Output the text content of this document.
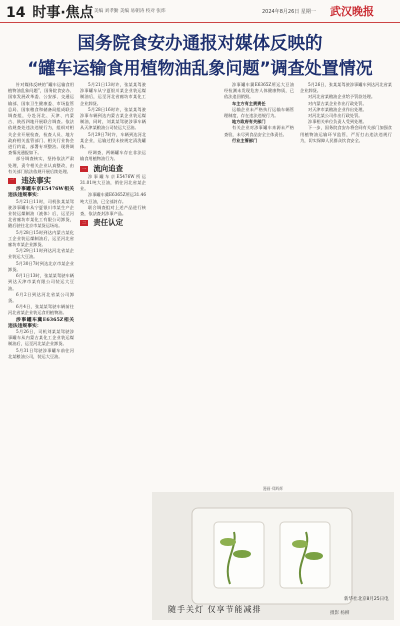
14 时事·焦点 美编 刘孝勤 美编 易朝涛 校对 张炜	2024年8月26日 星期一 武汉晚报
国务院食安办通报对媒体反映的
“罐车运输食用植物油乱象问题”调查处置情况

针对媒体反映的“罐车运输食用植物油乱象问题”，国务院食安办、国家发展改革委、公安部、交通运输部、国家卫生健康委、市场监管总局、国家粮食和储备局组成联合调查组，分赴河北、天津、内蒙古、陕西四地开展联合调查。依法依规查处违法违规行为，组织对相关企业开展检查，检查人员、地方政府相关监管部门、相关行业协会进行约谈、部署专项整治。现将调查情况通报如下。

部分调查核实，坚持依法严肃处理，责令相关企业认真整改，由有关部门依法依规开展后续处理。

一 违法事实

涉事罐车京E5476W相关违法违规事实：

5月21日11时，司机张某某驾驶涉事罐车从宁夏银川市某生产企业装运煤制油（液体）后，运至河北省廊坊市某化工有限公司卸货，随后驶往北京市某货运场站。

5月28日15时到达内蒙古某化工企业装运煤制油后，运至河北省廊坊市某企业卸货。

5月29日11时到达河北省某企业装运大豆油。

5月30日7时到达北京市某企业卸货。

6月1日13时，张某某驾驶车辆到达天津市某有限公司装运大豆油。

6月2日到达河北省某公司卸货。

6月4日，张某某驾驶车辆前往河北省某企业装运食用植物油。

涉事罐车冀E6365Z相关违法违规事实：

5月26日，司机刘某某驾驶涉事罐车从内蒙古某化工企业装运煤制油后，运至河北某企业卸货。

5月31日驾驶涉事罐车前往河北某粮油公司，装运大豆油。

5月21日13时许，张某某驾驶涉事罐车从宁夏银川某企业装运煤制油后，运至河北省廊坊市某化工企业卸货。

5月28日16时许，张某某驾驶涉事车辆到达内蒙古某企业装运煤制油，同时，刘某某驾驶涉事车辆从天津某粮油公司装运大豆油。

5月29日7时许，车辆到达河北某企业，运输过程未按规定清洗罐体。

经调查，两辆罐车存在非法运输食用植物油行为。

二 流向追查

涉事罐车京E5476W所运31.01吨大豆油，销往河北省某企业。

涉事罐车冀E6365Z所运31.46吨大豆油，已全部封存。

联合调查组对上述产品进行核查，依法查封涉事产品。

三 责任认定

涉事罐车冀E6365Z所运大豆油经检测未发现危害人体健康物质，已依法追回销毁。

车主方有主责责任

运输企业未严格执行运输车辆管理制度，存在违法违规行为。

地方政府有关部门

有关企业对涉事罐车来源未严格查验，未尽到食品安全主体责任。

行业主管部门

5月26日，张某某驾驶涉事罐车到达河北省某企业卸货。

对河北省某粮油企业给予罚款处理。

对内蒙古某企业作出行政处罚。

对天津市某粮油企业作出处理。

对河北某公司作出行政处罚。

涉事相关单位负责人受到处理。

下一步，国务院食安办将会同有关部门加强食用植物油运输环节监管，严厉打击违法违规行为，切实保障人民群众饮食安全。

漫画·郑辉辉
新华社北京8月25日电
随手关灯 仅享节能减排	摄影 杨柳
